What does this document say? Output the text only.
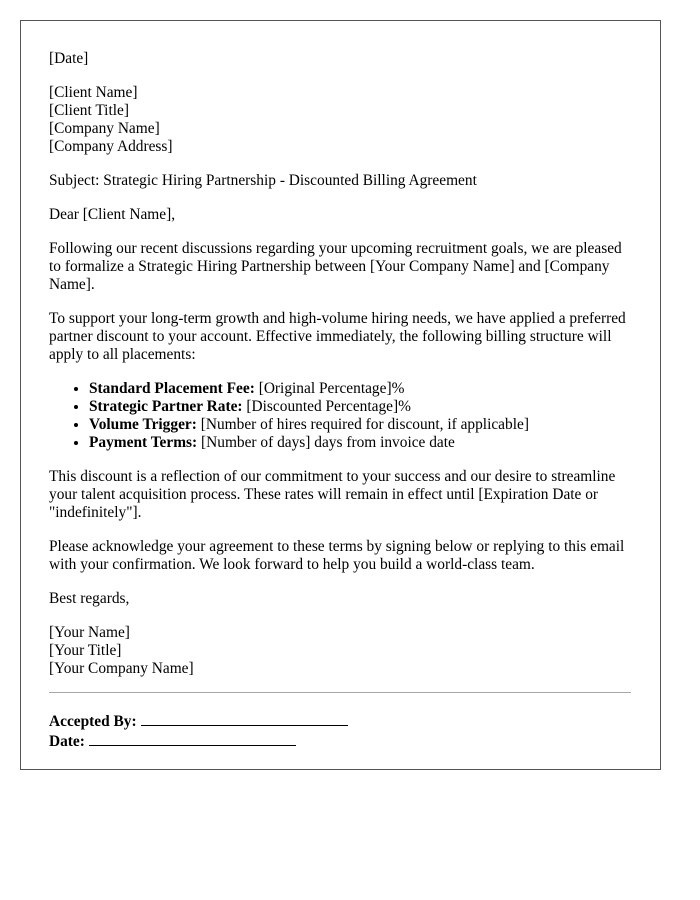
[Date]

[Client Name]
[Client Title]
[Company Name]
[Company Address]

Subject: Strategic Hiring Partnership - Discounted Billing Agreement

Dear [Client Name],

Following our recent discussions regarding your upcoming recruitment goals, we are pleased to formalize a Strategic Hiring Partnership between [Your Company Name] and [Company Name].

To support your long-term growth and high-volume hiring needs, we have applied a preferred partner discount to your account. Effective immediately, the following billing structure will apply to all placements:

• Standard Placement Fee: [Original Percentage]%
• Strategic Partner Rate: [Discounted Percentage]%
• Volume Trigger: [Number of hires required for discount, if applicable]
• Payment Terms: [Number of days] days from invoice date

This discount is a reflection of our commitment to your success and our desire to streamline your talent acquisition process. These rates will remain in effect until [Expiration Date or "indefinitely"].

Please acknowledge your agreement to these terms by signing below or replying to this email with your confirmation. We look forward to help you build a world-class team.

Best regards,

[Your Name]
[Your Title]
[Your Company Name]

Accepted By:

Date:
